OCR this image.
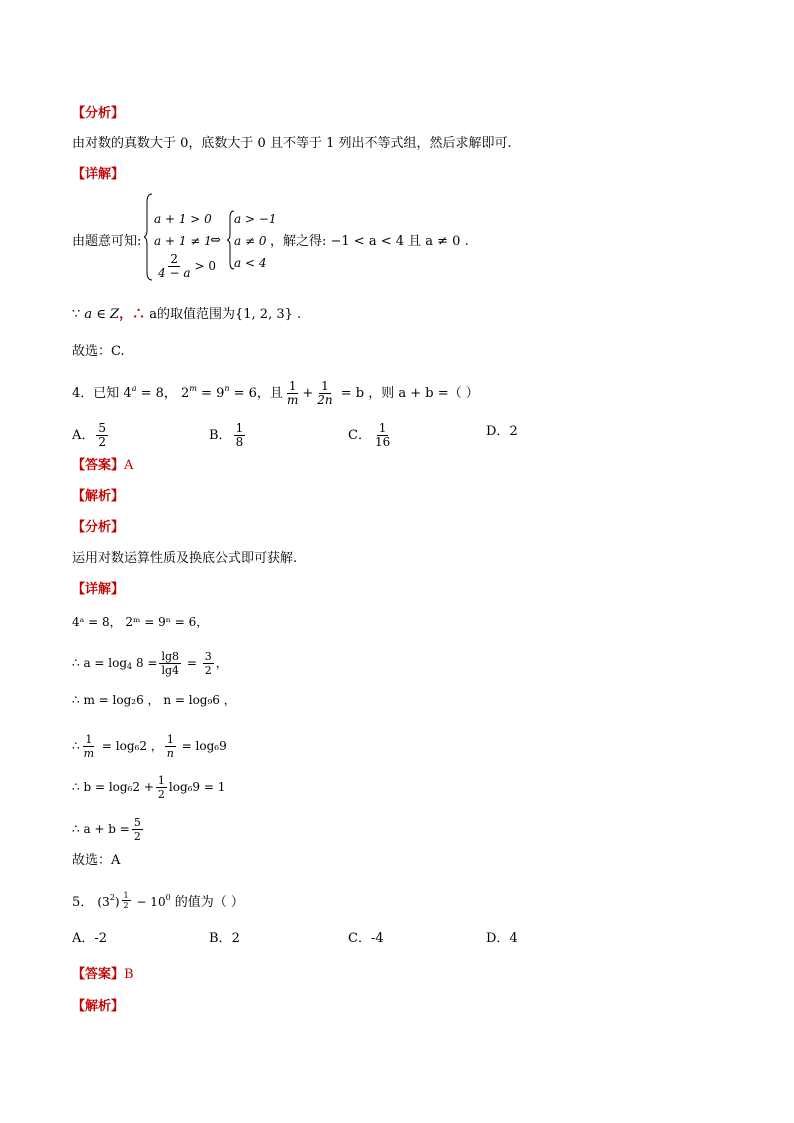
【分析】
由对数的真数大于 0，底数大于 0 且不等于 1 列出不等式组，然后求解即可.
【详解】
由题意可知:
a + 1 > 0
a + 1 ≠ 1
$\frac{2}{4 - a} > 0$
⇔
a > −1
a ≠ 0
a < 4
，解之得: −1 < a < 4 且 a ≠ 0 .
∵ a ∈ Z，∴ a的取值范围为{1, 2, 3} .
故选：C.
4．已知 $4^a = 8$， $2^m = 9^n = 6$，且 $\frac{1}{m} + \frac{1}{2n} = b$ ，则 a + b =（ ）
A． $\frac{5}{2}$	B． $\frac{1}{8}$	C． $\frac{1}{16}$	D．2
【答案】A
【解析】
【分析】
运用对数运算性质及换底公式即可获解.
【详解】
4ᵃ = 8， 2ᵐ = 9ⁿ = 6，
∴ $a = \log_4 8 = \frac{\lg 8}{\lg 4} = \frac{3}{2}$ ，
∴ m = log₂6 ， n = log₉6 ，
∴ $\frac{1}{m} = \log_62$ ， $\frac{1}{n} = \log_69$
∴ $b = \log_62 + \frac{1}{2} \log_69 = 1$
∴ $a + b = \frac{5}{2}$
故选：A
5． $(3^2) \frac{1}{2} - 10^0$ 的值为（ ）
A．-2	B．2	C．-4	D．4
【答案】B
【解析】
